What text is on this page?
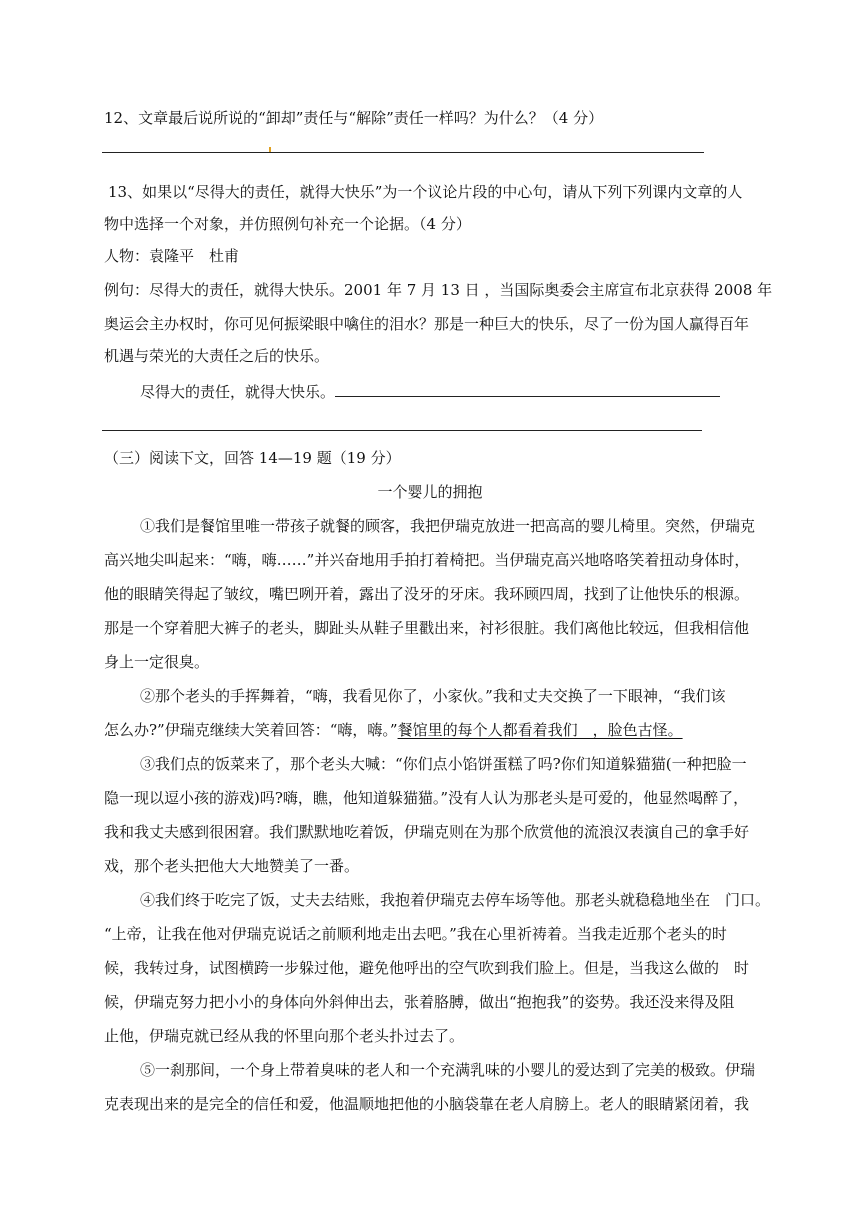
12、文章最后说所说的“卸却”责任与“解除”责任一样吗？为什么？（4 分）
13、如果以“尽得大的责任，就得大快乐”为一个议论片段的中心句，请从下列下列课内文章的人
物中选择一个对象，并仿照例句补充一个论据。（4 分）
人物：袁隆平　杜甫
例句：尽得大的责任，就得大快乐。2001 年 7 月 13 日 ，当国际奥委会主席宣布北京获得 2008 年
奥运会主办权时，你可见何振梁眼中噙住的泪水？那是一种巨大的快乐，尽了一份为国人赢得百年
机遇与荣光的大责任之后的快乐。
尽得大的责任，就得大快乐。
（三）阅读下文，回答 14—19 题（19 分）
一个婴儿的拥抱
①我们是餐馆里唯一带孩子就餐的顾客，我把伊瑞克放进一把高高的婴儿椅里。突然，伊瑞克
高兴地尖叫起来：“嗨，嗨……”并兴奋地用手拍打着椅把。当伊瑞克高兴地咯咯笑着扭动身体时，
他的眼睛笑得起了皱纹，嘴巴咧开着，露出了没牙的牙床。我环顾四周，找到了让他快乐的根源。
那是一个穿着肥大裤子的老头，脚趾头从鞋子里戳出来，衬衫很脏。我们离他比较远，但我相信他
身上一定很臭。
②那个老头的手挥舞着，“嗨，我看见你了，小家伙。”我和丈夫交换了一下眼神，“我们该
怎么办?”伊瑞克继续大笑着回答：“嗨，嗨。”餐馆里的每个人都看着我们　，脸色古怪。
③我们点的饭菜来了，那个老头大喊：“你们点小馅饼蛋糕了吗?你们知道躲猫猫(一种把脸一
隐一现以逗小孩的游戏)吗?嗨，瞧，他知道躲猫猫。”没有人认为那老头是可爱的，他显然喝醉了，
我和我丈夫感到很困窘。我们默默地吃着饭，伊瑞克则在为那个欣赏他的流浪汉表演自己的拿手好
戏，那个老头把他大大地赞美了一番。
④我们终于吃完了饭，丈夫去结账，我抱着伊瑞克去停车场等他。那老头就稳稳地坐在　门口。
“上帝，让我在他对伊瑞克说话之前顺利地走出去吧。”我在心里祈祷着。当我走近那个老头的时
候，我转过身，试图横跨一步躲过他，避免他呼出的空气吹到我们脸上。但是，当我这么做的　时
候，伊瑞克努力把小小的身体向外斜伸出去，张着胳膊，做出“抱抱我”的姿势。我还没来得及阻
止他，伊瑞克就已经从我的怀里向那个老头扑过去了。
⑤一刹那间，一个身上带着臭味的老人和一个充满乳味的小婴儿的爱达到了完美的极致。伊瑞
克表现出来的是完全的信任和爱，他温顺地把他的小脑袋靠在老人肩膀上。老人的眼睛紧闭着，我
